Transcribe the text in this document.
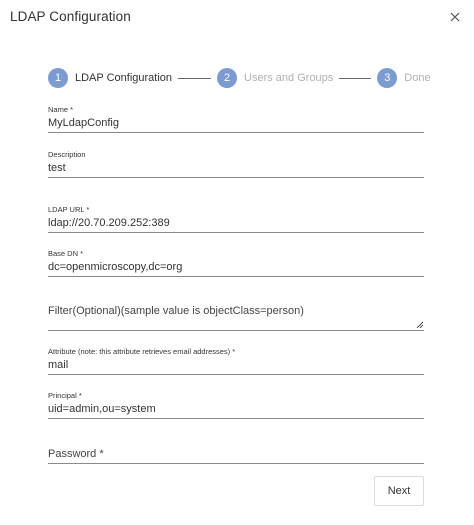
LDAP Configuration
1	LDAP Configuration	2	Users and Groups	3	Done
Name *
MyLdapConfig
Description
test
LDAP URL *
ldap://20.70.209.252:389
Base DN *
dc=openmicroscopy,dc=org
Filter(Optional)(sample value is objectClass=person)
Attribute (note: this attribute retrieves email addresses) *
mail
Principal *
uid=admin,ou=system
Next
